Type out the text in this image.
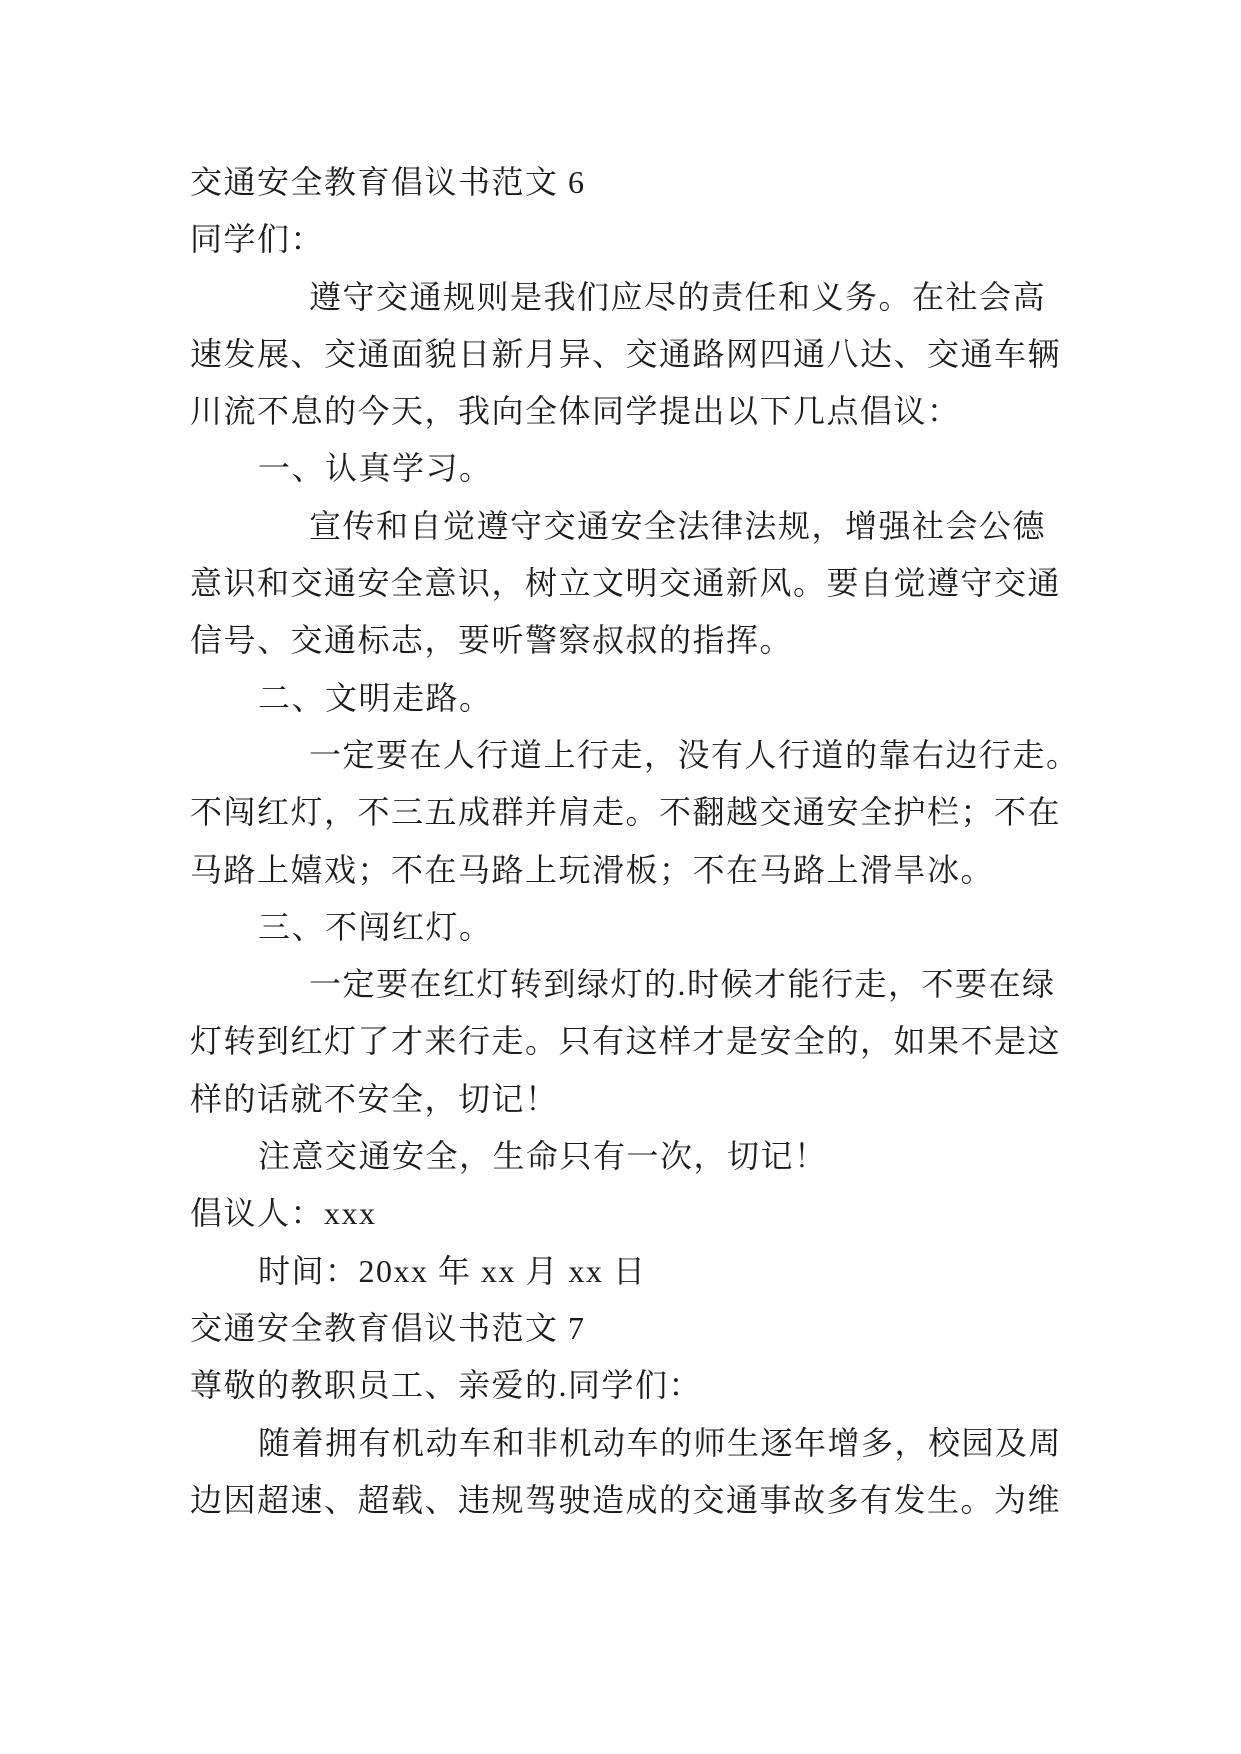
交通安全教育倡议书范文 6
同学们：
遵守交通规则是我们应尽的责任和义务。在社会高
速发展、交通面貌日新月异、交通路网四通八达、交通车辆
川流不息的今天，我向全体同学提出以下几点倡议：
一、认真学习。
宣传和自觉遵守交通安全法律法规，增强社会公德
意识和交通安全意识，树立文明交通新风。要自觉遵守交通
信号、交通标志，要听警察叔叔的指挥。
二、文明走路。
一定要在人行道上行走，没有人行道的靠右边行走。
不闯红灯，不三五成群并肩走。不翻越交通安全护栏；不在
马路上嬉戏；不在马路上玩滑板；不在马路上滑旱冰。
三、不闯红灯。
一定要在红灯转到绿灯的.时候才能行走，不要在绿
灯转到红灯了才来行走。只有这样才是安全的，如果不是这
样的话就不安全，切记！
注意交通安全，生命只有一次，切记！
倡议人：xxx
时间：20xx 年 xx 月 xx 日
交通安全教育倡议书范文 7
尊敬的教职员工、亲爱的.同学们：
随着拥有机动车和非机动车的师生逐年增多，校园及周
边因超速、超载、违规驾驶造成的交通事故多有发生。为维
